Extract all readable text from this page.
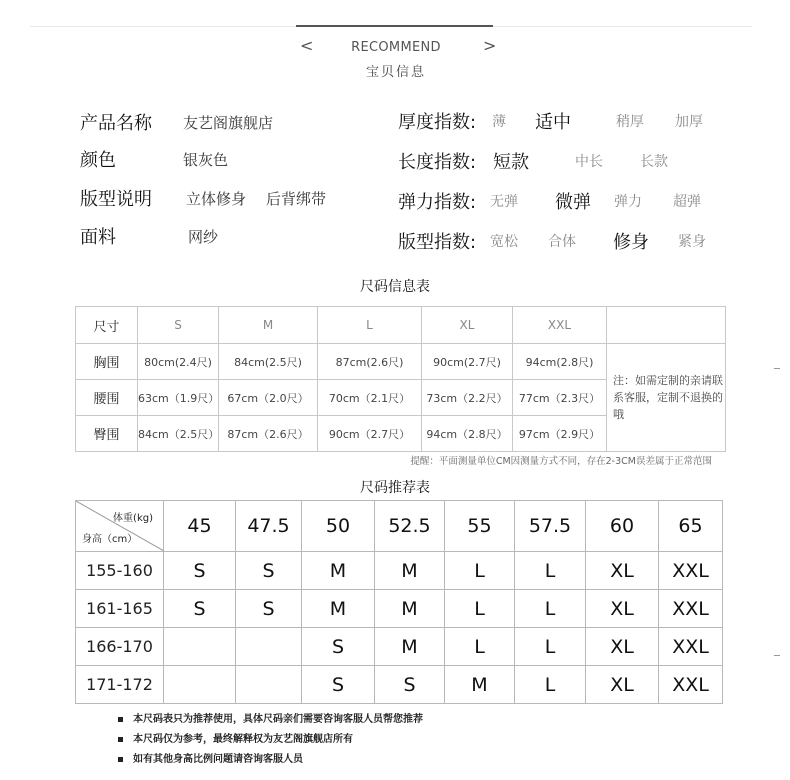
<	>
RECOMMEND
宝贝信息
产品名称 友艺阁旗舰店
颜色	银灰色
版型说明 立体修身 后背绑带
面料	网纱
厚度指数: 薄 适中	稍厚 加厚
长度指数: 短款	中长	长款
弹力指数: 无弹 微弹 弹力 超弹
版型指数: 宽松 合体 修身 紧身
尺码信息表
尺寸	S	M	L	XL	XXL	
胸围	80cm(2.4尺)	84cm(2.5尺)	87cm(2.6尺)	90cm(2.7尺)	94cm(2.8尺)	注：如需定制的亲请联系客服，定制不退换的哦
腰围	63cm（1.9尺）	67cm（2.0尺）	70cm（2.1尺）	73cm（2.2尺）	77cm（2.3尺）	
臀围	84cm（2.5尺）	87cm（2.6尺）	90cm（2.7尺）	94cm（2.8尺）	97cm（2.9尺）	
提醒：平面测量单位CM因测量方式不同，存在2-3CM误差属于正常范围
尺码推荐表
体重(kg)
身高（cm）	45	47.5	50	52.5	55	57.5	60	65
155-160	S	S	M	M	L	L	XL	XXL
161-165	S	S	M	M	L	L	XL	XXL
166-170			S	M	L	L	XL	XXL
171-172			S	S	M	L	XL	XXL
本尺码表只为推荐使用，具体尺码亲们需要咨询客服人员帮您推荐
本尺码仅为参考，最终解释权为友艺阁旗舰店所有
如有其他身高比例问题请咨询客服人员
